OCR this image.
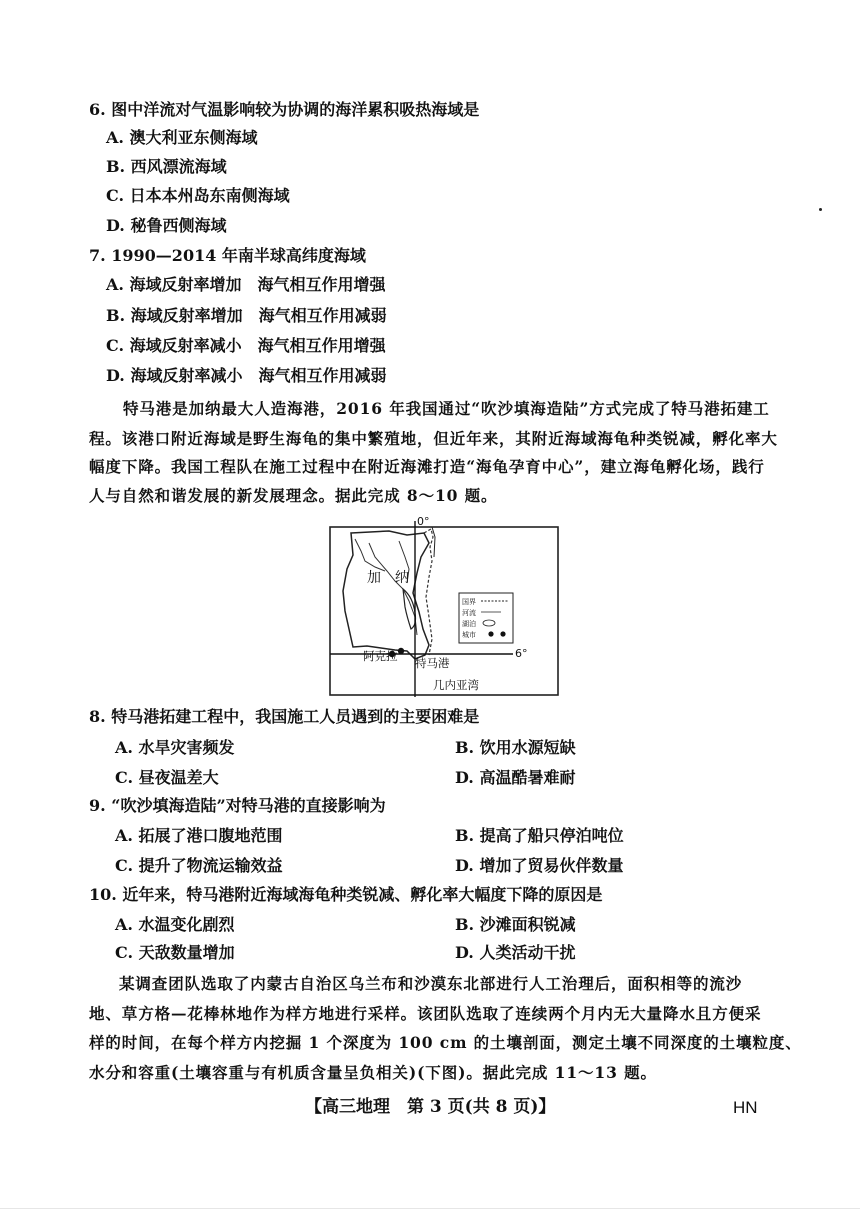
6. 图中洋流对气温影响较为协调的海洋累积吸热海域是
A. 澳大利亚东侧海域
B. 西风漂流海域
C. 日本本州岛东南侧海域
D. 秘鲁西侧海域
7. 1990—2014 年南半球高纬度海域
A. 海域反射率增加　海气相互作用增强
B. 海域反射率增加　海气相互作用减弱
C. 海域反射率减小　海气相互作用增强
D. 海域反射率减小　海气相互作用减弱
特马港是加纳最大人造海港，2016 年我国通过“吹沙填海造陆”方式完成了特马港拓建工
程。该港口附近海域是野生海龟的集中繁殖地，但近年来，其附近海域海龟种类锐减，孵化率大
幅度下降。我国工程队在施工过程中在附近海滩打造“海龟孕育中心”，建立海龟孵化场，践行
人与自然和谐发展的新发展理念。据此完成 8～10 题。
0°
6°
加 纳
阿克拉 特马港
几内亚湾
国界
河流
湖泊
城市
8. 特马港拓建工程中，我国施工人员遇到的主要困难是
A. 水旱灾害频发	B. 饮用水源短缺
C. 昼夜温差大	D. 高温酷暑难耐
9. “吹沙填海造陆”对特马港的直接影响为
A. 拓展了港口腹地范围	B. 提高了船只停泊吨位
C. 提升了物流运输效益	D. 增加了贸易伙伴数量
10. 近年来，特马港附近海域海龟种类锐减、孵化率大幅度下降的原因是
A. 水温变化剧烈	B. 沙滩面积锐减
C. 天敌数量增加	D. 人类活动干扰
某调查团队选取了内蒙古自治区乌兰布和沙漠东北部进行人工治理后，面积相等的流沙
地、草方格—花棒林地作为样方地进行采样。该团队选取了连续两个月内无大量降水且方便采
样的时间，在每个样方内挖掘 1 个深度为 100 cm 的土壤剖面，测定土壤不同深度的土壤粒度、
水分和容重(土壤容重与有机质含量呈负相关)(下图)。据此完成 11～13 题。
【高三地理　第 3 页(共 8 页)】	HN
